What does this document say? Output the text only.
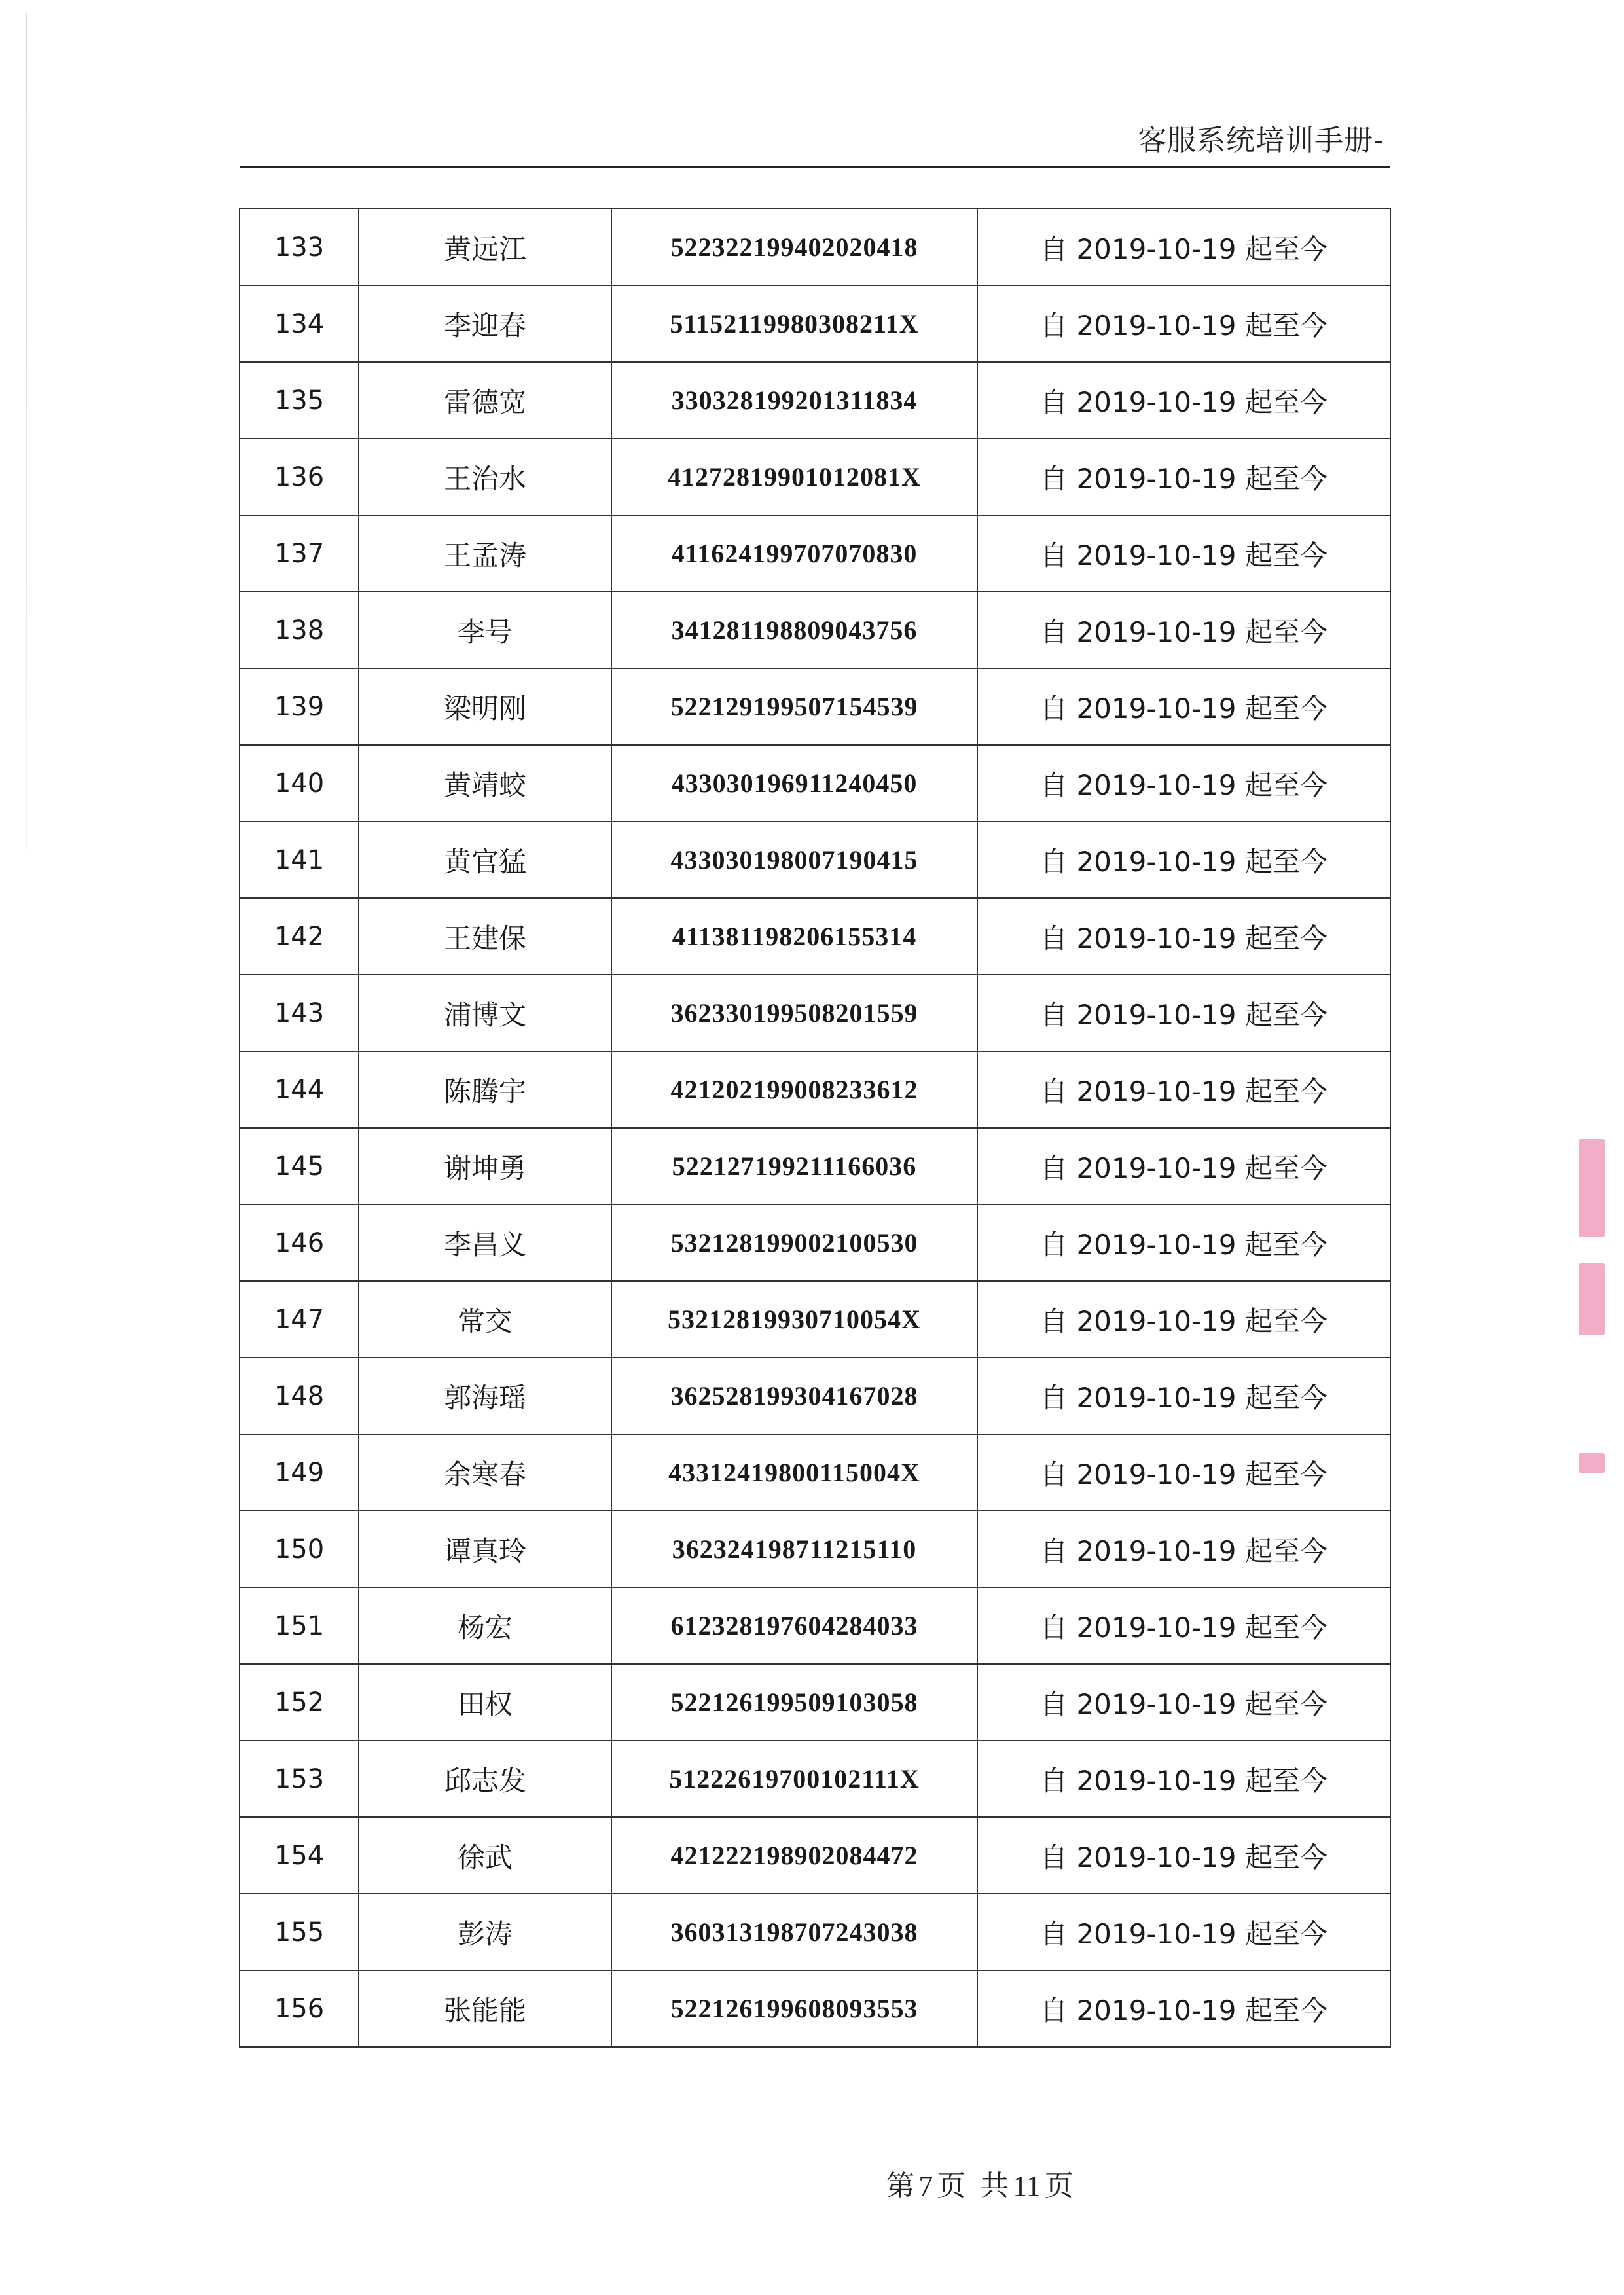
客服系统培训手册-
133	黄远江	522322199402020418	自 2019-10-19 起至今
134	李迎春	51152119980308211X	自 2019-10-19 起至今
135	雷德宽	330328199201311834	自 2019-10-19 起至今
136	王治水	41272819901012081X	自 2019-10-19 起至今
137	王孟涛	411624199707070830	自 2019-10-19 起至今
138	李号	341281198809043756	自 2019-10-19 起至今
139	梁明刚	522129199507154539	自 2019-10-19 起至今
140	黄靖蛟	433030196911240450	自 2019-10-19 起至今
141	黄官猛	433030198007190415	自 2019-10-19 起至今
142	王建保	411381198206155314	自 2019-10-19 起至今
143	浦博文	362330199508201559	自 2019-10-19 起至今
144	陈腾宇	421202199008233612	自 2019-10-19 起至今
145	谢坤勇	522127199211166036	自 2019-10-19 起至今
146	李昌义	532128199002100530	自 2019-10-19 起至今
147	常交	53212819930710054X	自 2019-10-19 起至今
148	郭海瑶	362528199304167028	自 2019-10-19 起至今
149	余寒春	43312419800115004X	自 2019-10-19 起至今
150	谭真玲	362324198711215110	自 2019-10-19 起至今
151	杨宏	612328197604284033	自 2019-10-19 起至今
152	田权	522126199509103058	自 2019-10-19 起至今
153	邱志发	51222619700102111X	自 2019-10-19 起至今
154	徐武	421222198902084472	自 2019-10-19 起至今
155	彭涛	360313198707243038	自 2019-10-19 起至今
156	张能能	522126199608093553	自 2019-10-19 起至今
第 7 页 共 11 页
